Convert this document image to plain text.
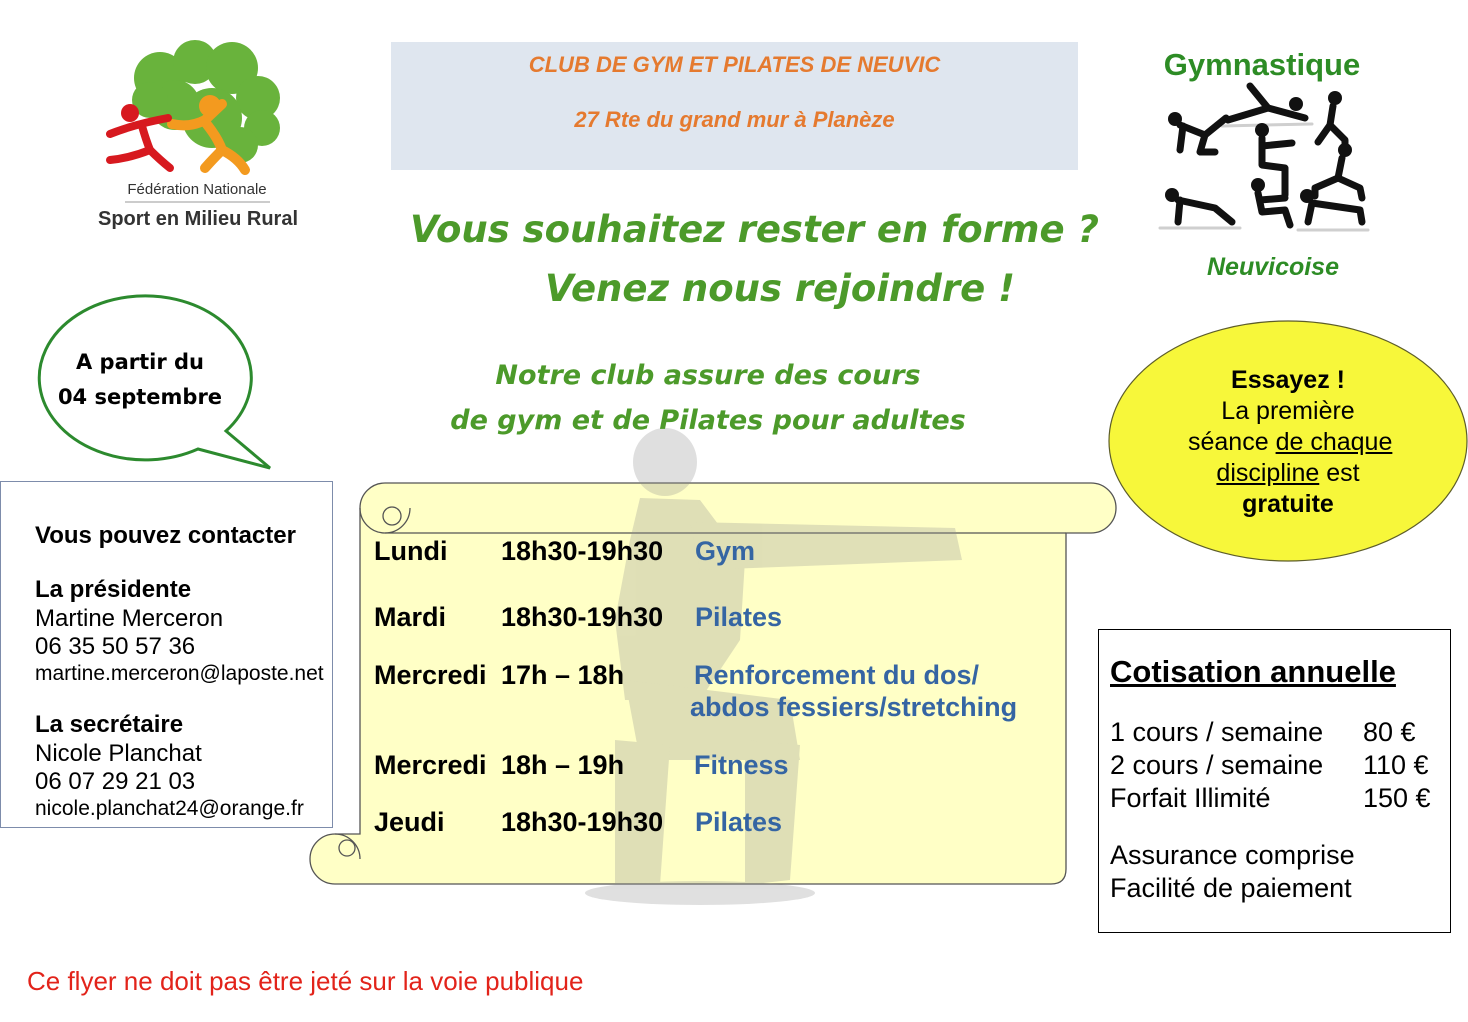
Fédération Nationale
Sport en Milieu Rural
CLUB DE GYM ET PILATES DE NEUVIC
27 Rte du grand mur à Planèze
Gymnastique
Neuvicoise
Vous souhaitez rester en forme ?
Venez nous rejoindre !
Notre club assure des cours
de gym et de Pilates pour adultes
A partir du
04 septembre
Essayez !
La première
séance de chaque
discipline est
gratuite
Vous pouvez contacter
La présidente
Martine Merceron
06 35 50 57 36
martine.merceron@laposte.net
La secrétaire
Nicole Planchat
06 07 29 21 03
nicole.planchat24@orange.fr
Lundi 18h30-19h30 Gym
Mardi 18h30-19h30 Pilates
Mercredi 17h – 18h	Renforcement du dos/
abdos fessiers/stretching
Mercredi 18h – 19h	Fitness
Jeudi 18h30-19h30 Pilates
Cotisation annuelle
1 cours / semaine 80 €
2 cours / semaine 110 €
Forfait Illimité	150 €
Assurance comprise
Facilité de paiement
Ce flyer ne doit pas être jeté sur la voie publique
